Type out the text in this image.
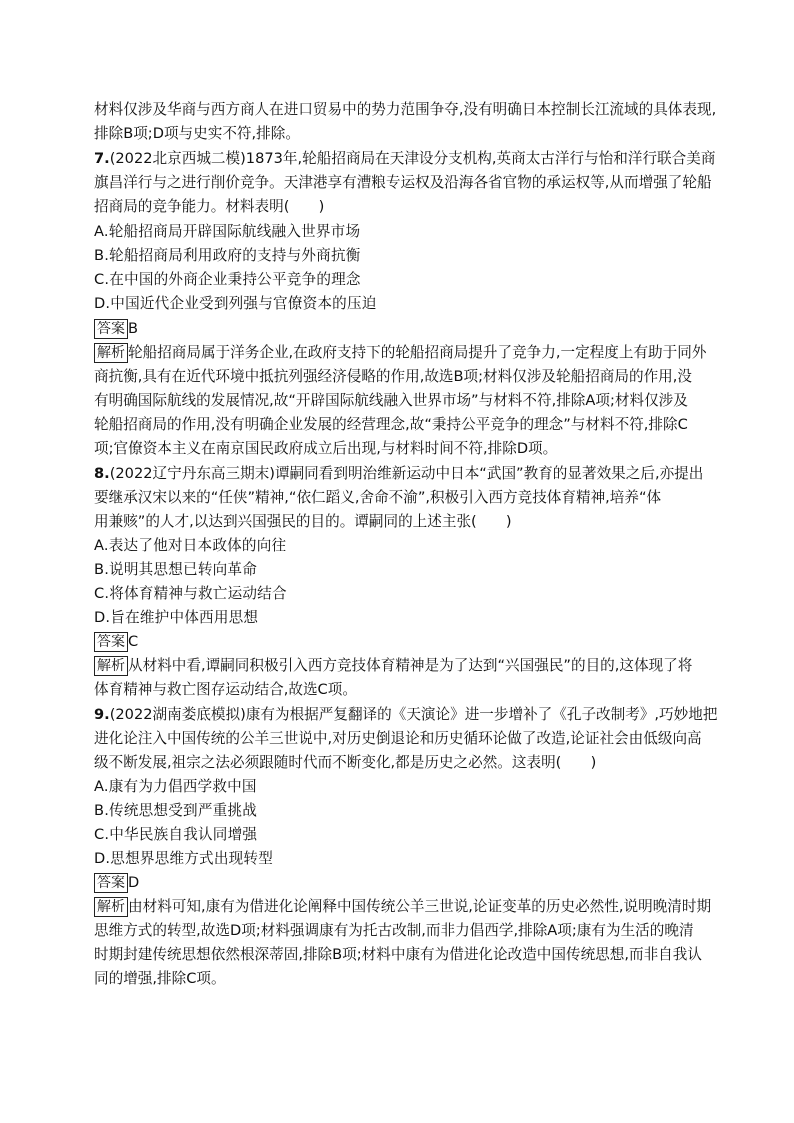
材料仅涉及华商与西方商人在进口贸易中的势力范围争夺,没有明确日本控制长江流域的具体表现,
排除B项;D项与史实不符,排除。
7.(2022北京西城二模)1873年,轮船招商局在天津设分支机构,英商太古洋行与怡和洋行联合美商
旗昌洋行与之进行削价竞争。天津港享有漕粮专运权及沿海各省官物的承运权等,从而增强了轮船
招商局的竞争能力。材料表明(　　)
A.轮船招商局开辟国际航线融入世界市场
B.轮船招商局利用政府的支持与外商抗衡
C.在中国的外商企业秉持公平竞争的理念
D.中国近代企业受到列强与官僚资本的压迫
答案 B
解析 轮船招商局属于洋务企业,在政府支持下的轮船招商局提升了竞争力,一定程度上有助于同外
商抗衡,具有在近代环境中抵抗列强经济侵略的作用,故选B项;材料仅涉及轮船招商局的作用,没
有明确国际航线的发展情况,故“开辟国际航线融入世界市场”与材料不符,排除A项;材料仅涉及
轮船招商局的作用,没有明确企业发展的经营理念,故“秉持公平竞争的理念”与材料不符,排除C
项;官僚资本主义在南京国民政府成立后出现,与材料时间不符,排除D项。
8.(2022辽宁丹东高三期末)谭嗣同看到明治维新运动中日本“武国”教育的显著效果之后,亦提出
要继承汉宋以来的“任侠”精神,“依仁蹈义,舍命不渝”,积极引入西方竞技体育精神,培养“体
用兼赅”的人才,以达到兴国强民的目的。谭嗣同的上述主张(　　)
A.表达了他对日本政体的向往
B.说明其思想已转向革命
C.将体育精神与救亡运动结合
D.旨在维护中体西用思想
答案 C
解析 从材料中看,谭嗣同积极引入西方竞技体育精神是为了达到“兴国强民”的目的,这体现了将
体育精神与救亡图存运动结合,故选C项。
9.(2022湖南娄底模拟)康有为根据严复翻译的《天演论》进一步增补了《孔子改制考》,巧妙地把
进化论注入中国传统的公羊三世说中,对历史倒退论和历史循环论做了改造,论证社会由低级向高
级不断发展,祖宗之法必须跟随时代而不断变化,都是历史之必然。这表明(　　)
A.康有为力倡西学救中国
B.传统思想受到严重挑战
C.中华民族自我认同增强
D.思想界思维方式出现转型
答案 D
解析 由材料可知,康有为借进化论阐释中国传统公羊三世说,论证变革的历史必然性,说明晚清时期
思维方式的转型,故选D项;材料强调康有为托古改制,而非力倡西学,排除A项;康有为生活的晚清
时期封建传统思想依然根深蒂固,排除B项;材料中康有为借进化论改造中国传统思想,而非自我认
同的增强,排除C项。
